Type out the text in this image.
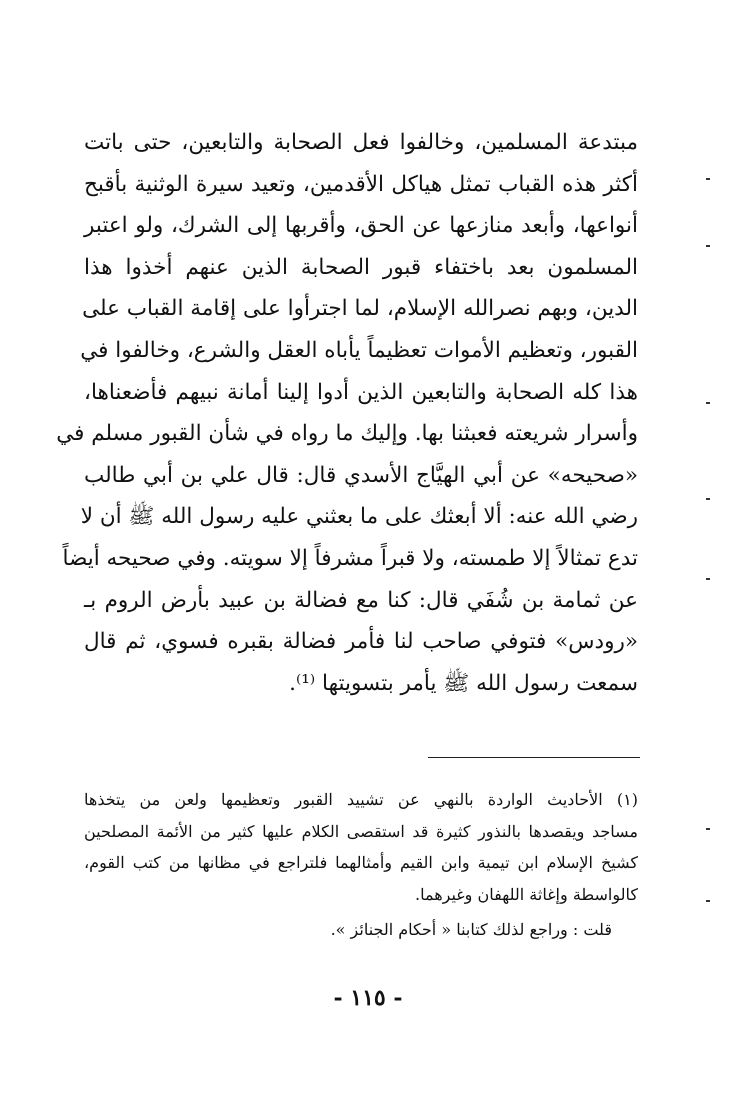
مبتدعة المسلمين، وخالفوا فعل الصحابة والتابعين، حتى باتت
أكثر هذه القباب تمثل هياكل الأقدمين، وتعيد سيرة الوثنية بأقبح
أنواعها، وأبعد منازعها عن الحق، وأقربها إلى الشرك، ولو اعتبر
المسلمون بعد باختفاء قبور الصحابة الذين عنهم أخذوا هذا
الدين، وبهم نصرالله الإسلام، لما اجترأوا على إقامة القباب على
القبور، وتعظيم الأموات تعظيماً يأباه العقل والشرع، وخالفوا في
هذا كله الصحابة والتابعين الذين أدوا إلينا أمانة نبيهم فأضعناها،
وأسرار شريعته فعبثنا بها. وإليك ما رواه في شأن القبور مسلم في
«صحيحه» عن أبي الهيَّاج الأسدي قال: قال علي بن أبي طالب
رضي الله عنه: ألا أبعثك على ما بعثني عليه رسول الله ﷺ أن لا
تدع تمثالاً إلا طمسته، ولا قبراً مشرفاً إلا سويته. وفي صحيحه أيضاً
عن ثمامة بن شُفَي قال: كنا مع فضالة بن عبيد بأرض الروم بـ
«رودس» فتوفي صاحب لنا فأمر فضالة بقبره فسوي، ثم قال
سمعت رسول الله ﷺ يأمر بتسويتها ⁽¹⁾.
(١) الأحاديث الواردة بالنهي عن تشييد القبور وتعظيمها ولعن من يتخذها
مساجد ويقصدها بالنذور كثيرة قد استقصى الكلام عليها كثير من الأئمة المصلحين
كشيخ الإسلام ابن تيمية وابن القيم وأمثالهما فلتراجع في مظانها من كتب القوم،
كالواسطة وإغاثة اللهفان وغيرهما.
قلت : وراجع لذلك كتابنا « أحكام الجنائز ».
- ١١٥ -
